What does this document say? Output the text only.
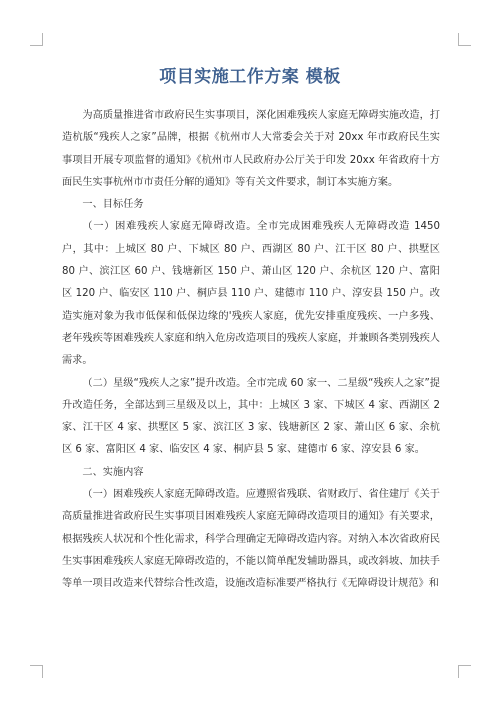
项目实施工作方案 模板

为高质量推进省市政府民生实事项目，深化困难残疾人家庭无障碍实施改造，打造杭版“残疾人之家”品牌，根据《杭州市人大常委会关于对 20xx 年市政府民生实事项目开展专项监督的通知》《杭州市人民政府办公厅关于印发 20xx 年省政府十方面民生实事杭州市市责任分解的通知》等有关文件要求，制订本实施方案。

一、目标任务

（一）困难残疾人家庭无障碍改造。全市完成困难残疾人无障碍改造 1450 户，其中：上城区 80 户、下城区 80 户、西湖区 80 户、江干区 80 户、拱墅区 80 户、滨江区 60 户、钱塘新区 150 户、萧山区 120 户、余杭区 120 户、富阳区 120 户、临安区 110 户、桐庐县 110 户、建德市 110 户、淳安县 150 户。改造实施对象为我市低保和低保边缘的'残疾人家庭，优先安排重度残疾、一户多残、老年残疾等困难残疾人家庭和纳入危房改造项目的残疾人家庭，并兼顾各类别残疾人需求。

（二）星级“残疾人之家”提升改造。全市完成 60 家一、二星级“残疾人之家”提升改造任务，全部达到三星级及以上，其中：上城区 3 家、下城区 4 家、西湖区 2 家、江干区 4 家、拱墅区 5 家、滨江区 3 家、钱塘新区 2 家、萧山区 6 家、余杭区 6 家、富阳区 4 家、临安区 4 家、桐庐县 5 家、建德市 6 家、淳安县 6 家。

二、实施内容

（一）困难残疾人家庭无障碍改造。应遵照省残联、省财政厅、省住建厅《关于高质量推进省政府民生实事项目困难残疾人家庭无障碍改造项目的通知》有关要求，根据残疾人状况和个性化需求，科学合理确定无障碍改造内容。对纳入本次省政府民生实事困难残疾人家庭无障碍改造的，不能以简单配发辅助器具，或改斜坡、加扶手等单一项目改造来代替综合性改造，设施改造标准要严格执行《无障碍设计规范》和
